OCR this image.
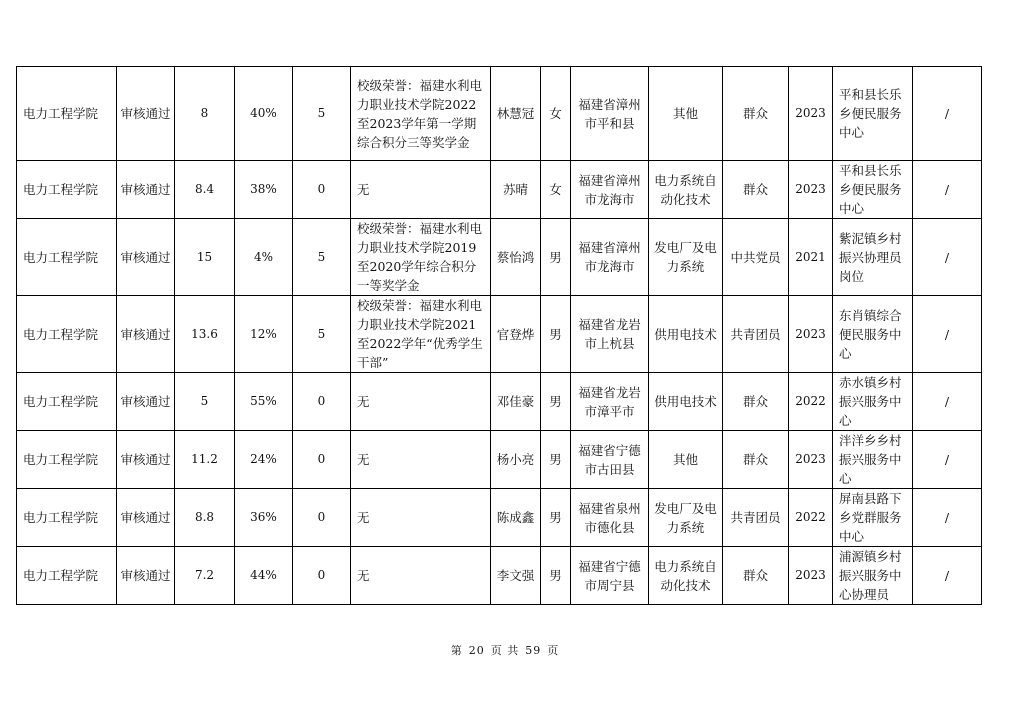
电力工程学院	审核通过	8	40%	5	校级荣誉：福建水利电力职业技术学院2022至2023学年第一学期综合积分三等奖学金	林慧冠	女	福建省漳州市平和县	其他	群众	2023	平和县长乐乡便民服务中心	/
电力工程学院	审核通过	8.4	38%	0	无	苏晴	女	福建省漳州市龙海市	电力系统自动化技术	群众	2023	平和县长乐乡便民服务中心	/
电力工程学院	审核通过	15	4%	5	校级荣誉：福建水利电力职业技术学院2019至2020学年综合积分一等奖学金	蔡怡鸿	男	福建省漳州市龙海市	发电厂及电力系统	中共党员	2021	紫泥镇乡村振兴协理员岗位	/
电力工程学院	审核通过	13.6	12%	5	校级荣誉：福建水利电力职业技术学院2021至2022学年“优秀学生干部”	官登烨	男	福建省龙岩市上杭县	供用电技术	共青团员	2023	东肖镇综合便民服务中心	/
电力工程学院	审核通过	5	55%	0	无	邓佳豪	男	福建省龙岩市漳平市	供用电技术	群众	2022	赤水镇乡村振兴服务中心	/
电力工程学院	审核通过	11.2	24%	0	无	杨小亮	男	福建省宁德市古田县	其他	群众	2023	泮洋乡乡村振兴服务中心	/
电力工程学院	审核通过	8.8	36%	0	无	陈成鑫	男	福建省泉州市德化县	发电厂及电力系统	共青团员	2022	屏南县路下乡党群服务中心	/
电力工程学院	审核通过	7.2	44%	0	无	李文强	男	福建省宁德市周宁县	电力系统自动化技术	群众	2023	浦源镇乡村振兴服务中心协理员	/
第 20 页 共 59 页
